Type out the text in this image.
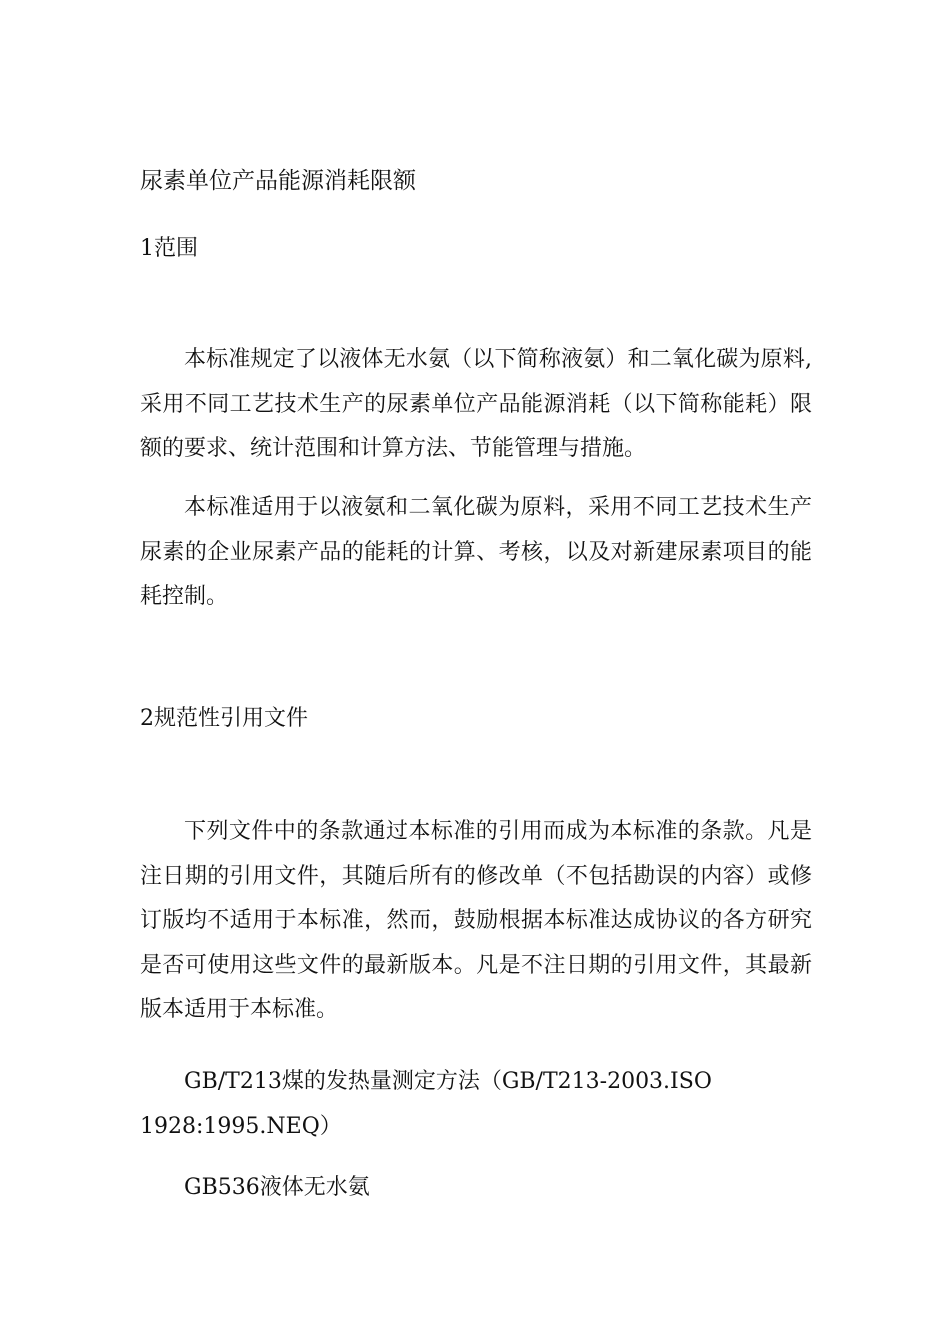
尿素单位产品能源消耗限额
1范围

本标准规定了以液体无水氨（以下简称液氨）和二氧化碳为原料,采用不同工艺技术生产的尿素单位产品能源消耗（以下简称能耗）限额的要求、统计范围和计算方法、节能管理与措施。

本标准适用于以液氨和二氧化碳为原料，采用不同工艺技术生产尿素的企业尿素产品的能耗的计算、考核，以及对新建尿素项目的能耗控制。

2规范性引用文件

下列文件中的条款通过本标准的引用而成为本标准的条款。凡是注日期的引用文件，其随后所有的修改单（不包括勘误的内容）或修订版均不适用于本标准，然而，鼓励根据本标准达成协议的各方研究是否可使用这些文件的最新版本。凡是不注日期的引用文件，其最新版本适用于本标准。

GB/T213煤的发热量测定方法（GB/T213-2003.ISO 1928:1995.NEQ）

GB536液体无水氨
